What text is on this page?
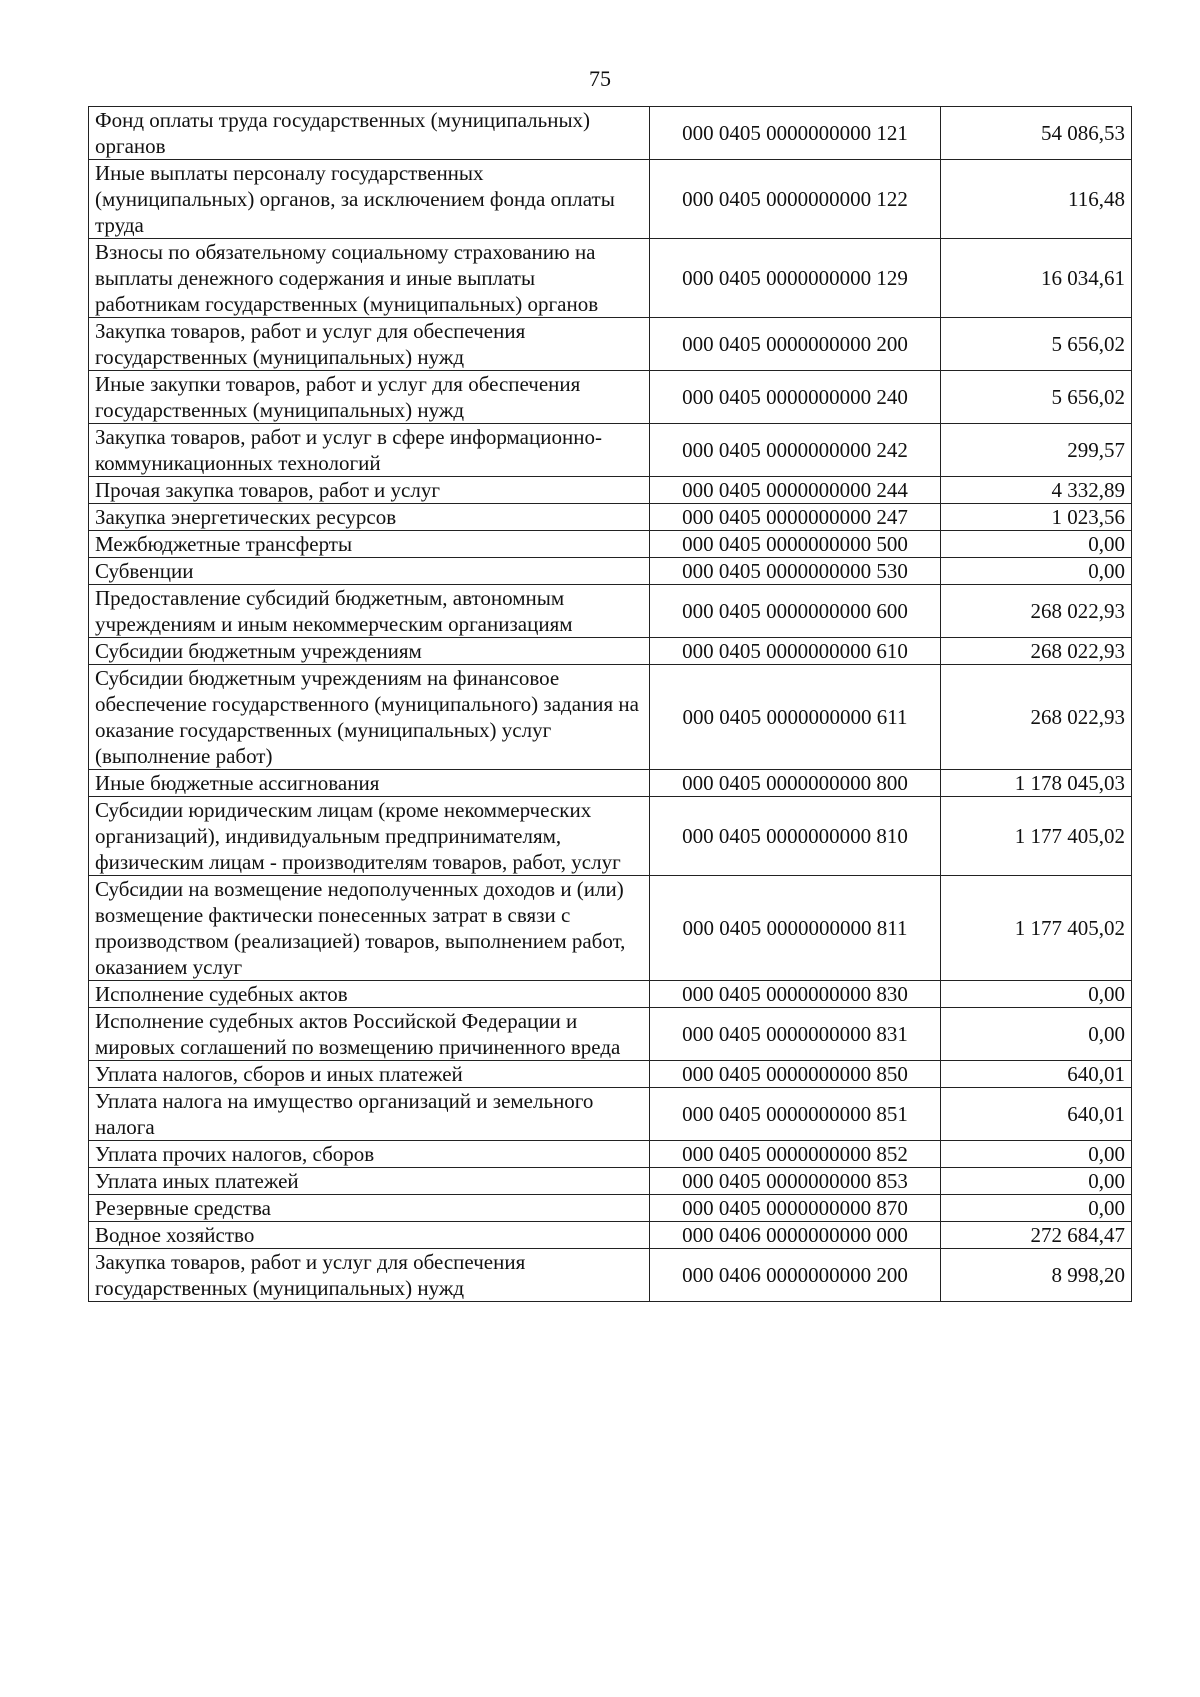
75
Фонд оплаты труда государственных (муниципальных) органов	000 0405 0000000000 121	54 086,53
Иные выплаты персоналу государственных (муниципальных) органов, за исключением фонда оплаты труда	000 0405 0000000000 122	116,48
Взносы по обязательному социальному страхованию на выплаты денежного содержания и иные выплаты работникам государственных (муниципальных) органов	000 0405 0000000000 129	16 034,61
Закупка товаров, работ и услуг для обеспечения государственных (муниципальных) нужд	000 0405 0000000000 200	5 656,02
Иные закупки товаров, работ и услуг для обеспечения государственных (муниципальных) нужд	000 0405 0000000000 240	5 656,02
Закупка товаров, работ и услуг в сфере информационно-коммуникационных технологий	000 0405 0000000000 242	299,57
Прочая закупка товаров, работ и услуг	000 0405 0000000000 244	4 332,89
Закупка энергетических ресурсов	000 0405 0000000000 247	1 023,56
Межбюджетные трансферты	000 0405 0000000000 500	0,00
Субвенции	000 0405 0000000000 530	0,00
Предоставление субсидий бюджетным, автономным учреждениям и иным некоммерческим организациям	000 0405 0000000000 600	268 022,93
Субсидии бюджетным учреждениям	000 0405 0000000000 610	268 022,93
Субсидии бюджетным учреждениям на финансовое обеспечение государственного (муниципального) задания на оказание государственных (муниципальных) услуг (выполнение работ)	000 0405 0000000000 611	268 022,93
Иные бюджетные ассигнования	000 0405 0000000000 800	1 178 045,03
Субсидии юридическим лицам (кроме некоммерческих организаций), индивидуальным предпринимателям, физическим лицам - производителям товаров, работ, услуг	000 0405 0000000000 810	1 177 405,02
Субсидии на возмещение недополученных доходов и (или) возмещение фактически понесенных затрат в связи с производством (реализацией) товаров, выполнением работ, оказанием услуг	000 0405 0000000000 811	1 177 405,02
Исполнение судебных актов	000 0405 0000000000 830	0,00
Исполнение судебных актов Российской Федерации и мировых соглашений по возмещению причиненного вреда	000 0405 0000000000 831	0,00
Уплата налогов, сборов и иных платежей	000 0405 0000000000 850	640,01
Уплата налога на имущество организаций и земельного налога	000 0405 0000000000 851	640,01
Уплата прочих налогов, сборов	000 0405 0000000000 852	0,00
Уплата иных платежей	000 0405 0000000000 853	0,00
Резервные средства	000 0405 0000000000 870	0,00
Водное хозяйство	000 0406 0000000000 000	272 684,47
Закупка товаров, работ и услуг для обеспечения государственных (муниципальных) нужд	000 0406 0000000000 200	8 998,20
